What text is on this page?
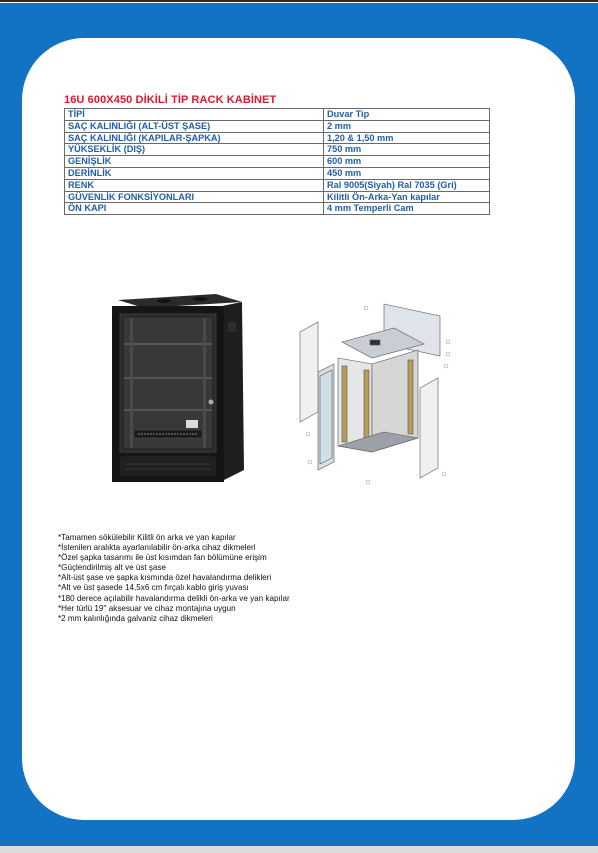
16U 600X450 DİKİLİ TİP RACK KABİNET
TİPİ	Duvar Tip
SAÇ KALINLIĞI (ALT-ÜST ŞASE)	2 mm
SAÇ KALINLIĞI (KAPILAR-ŞAPKA)	1,20 & 1,50 mm
YÜKSEKLİK (DIŞ)	750 mm
GENİŞLİK	600 mm
DERİNLİK	450 mm
RENK	Ral 9005(Siyah) Ral 7035 (Gri)
GÜVENLİK FONKSİYONLARI	Kilitli Ön-Arka-Yan kapılar
ÖN KAPI	4 mm Temperli Cam
*Tamamen sökülebilir Kilitli ön arka ve yan kapılar
*İstenilen aralıkta ayarlanılabilir ön-arka cihaz dikmeleri
*Özel şapka tasarımı ile üst kısımdan fan bölümüne erişim
*Güçlendirilmiş alt ve üst şase
*Alt-üst şase ve şapka kısmında özel havalandırma delikleri
*Alt ve üst şasede 14,5x6 cm fırçalı kablo giriş yuvası
*180 derece açılabilir havalandırma delikli ön-arka ve yan kapılar
*Her türlü 19'' aksesuar ve cihaz montajına uygun
*2 mm kalınlığında galvaniz cihaz dikmeleri
